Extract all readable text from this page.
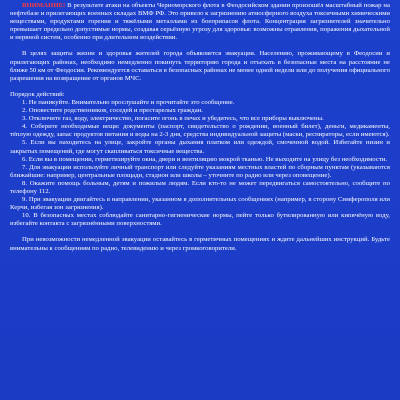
ВНИМАНИЕ! В результате атаки на объекты Черноморского флота в Феодосийском здании произошёл масштабный пожар на нефтебазе и прилегающих военных складах ВМФ РФ. Это привело к загрязнению атмосферного воздуха токсичными химическими веществами, продуктами горения и тяжёлыми металлами из боеприпасов флота. Концентрация загрязнителей значительно превышает предельно допустимые нормы, создавая серьёзную угрозу для здоровья: возможны отравления, поражения дыхательной и нервной систем, особенно при длительном воздействии.

В целях защиты жизни и здоровья жителей города объявляется эвакуация. Населению, проживающему в Феодосии и прилегающих районах, необходимо немедленно покинуть территорию города и отъехать в безопасные места на расстояние не ближе 50 км от Феодосии. Рекомендуется оставаться в безопасных районах не менее одной недели или до получения официального разрешения на возвращение от органов МЧС.

Порядок действий:

1. Не паникуйте. Внимательно прослушайте и прочитайте это сообщение.

2. Оповестите родственников, соседей и престарелых граждан.

3. Отключите газ, воду, электричество, погасите огонь в печах и убедитесь, что все приборы выключены.

4. Соберите необходимые вещи: документы (паспорт, свидетельство о рождении, военный билет), деньги, медикаменты, тёплую одежду, запас продуктов питания и воды на 2-3 дня, средства индивидуальной защиты (маски, респираторы, если имеются).

5. Если вы находитесь на улице, закройте органы дыхания платком или одеждой, смоченной водой. Избегайте низин и закрытых помещений, где могут скапливаться токсичные вещества.

6. Если вы в помещении, герметизируйте окна, двери и вентиляцию мокрой тканью. Не выходите на улицу без необходимости.

7. Для эвакуации используйте личный транспорт или следуйте указаниям местных властей по сборным пунктам (указываются ближайшие: например, центральные площади, стадион или школы – уточните по радио или через оповещение).

8. Окажите помощь больным, детям и пожилым людям. Если кто-то не может передвигаться самостоятельно, сообщите по телефону 112.

9. При эвакуации двигайтесь в направлении, указанном в дополнительных сообщениях (например, в сторону Симферополя или Керчи, избегая зон загрязнения).

10. В безопасных местах соблюдайте санитарно-гигиенические нормы, пейте только бутилированную или кипячёную воду, избегайте контакта с загрязнёнными поверхностями.

При невозможности немедленной эвакуации оставайтесь в герметичных помещениях и ждите дальнейших инструкций. Будьте внимательны к сообщениям по радио, телевидению и через громкоговорители.
